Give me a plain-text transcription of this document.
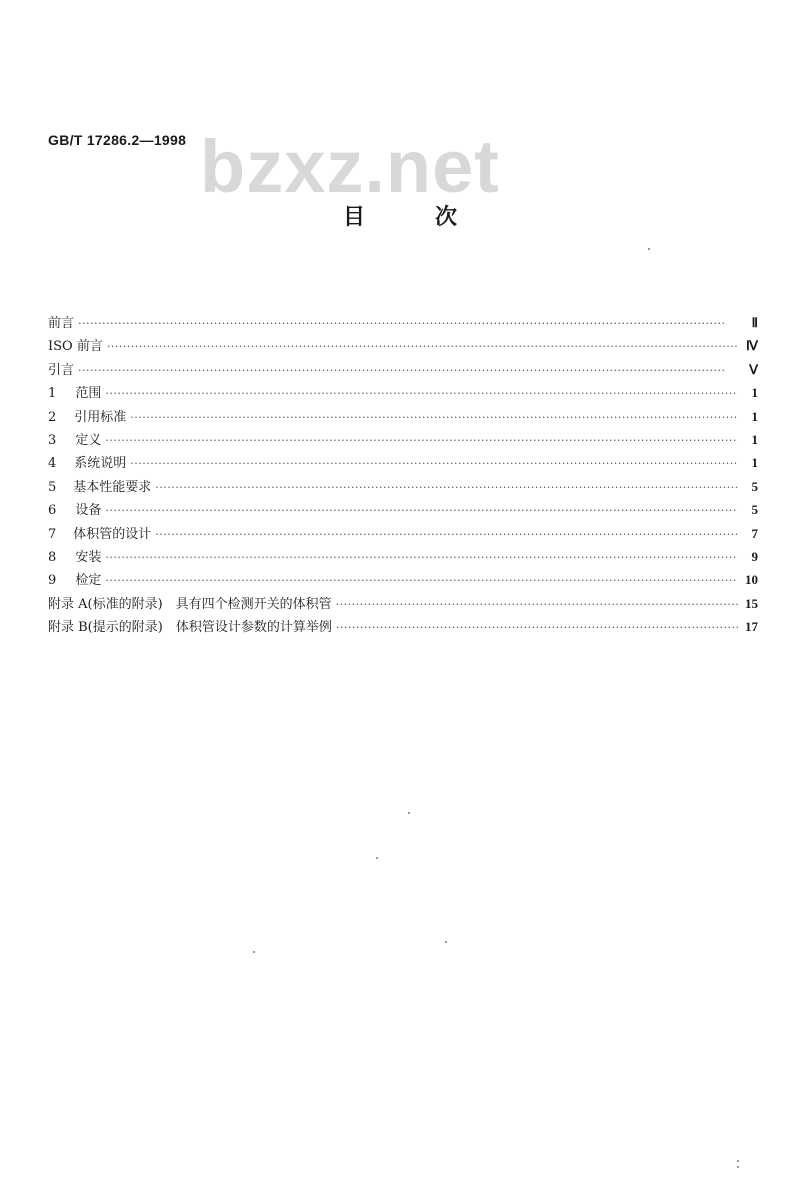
GB/T 17286.2—1998 bzxz.net
目	次
前言 ·····	Ⅱ
ISO 前言 ·····	Ⅳ
引言 ·····	Ⅴ
1	范围 ·····	1
2	引用标准 ·····	1
3	定义 ·····	1
4	系统说明 ·····	1
5	基本性能要求 ·····	5
6	设备 ·····	5
7	体积管的设计 ·····	7
8	安装 ·····	9
9	检定 ·····	10
附录 A(标准的附录)　具有四个检测开关的体积管 ·····	15
附录 B(提示的附录)　体积管设计参数的计算举例 ·····	17
